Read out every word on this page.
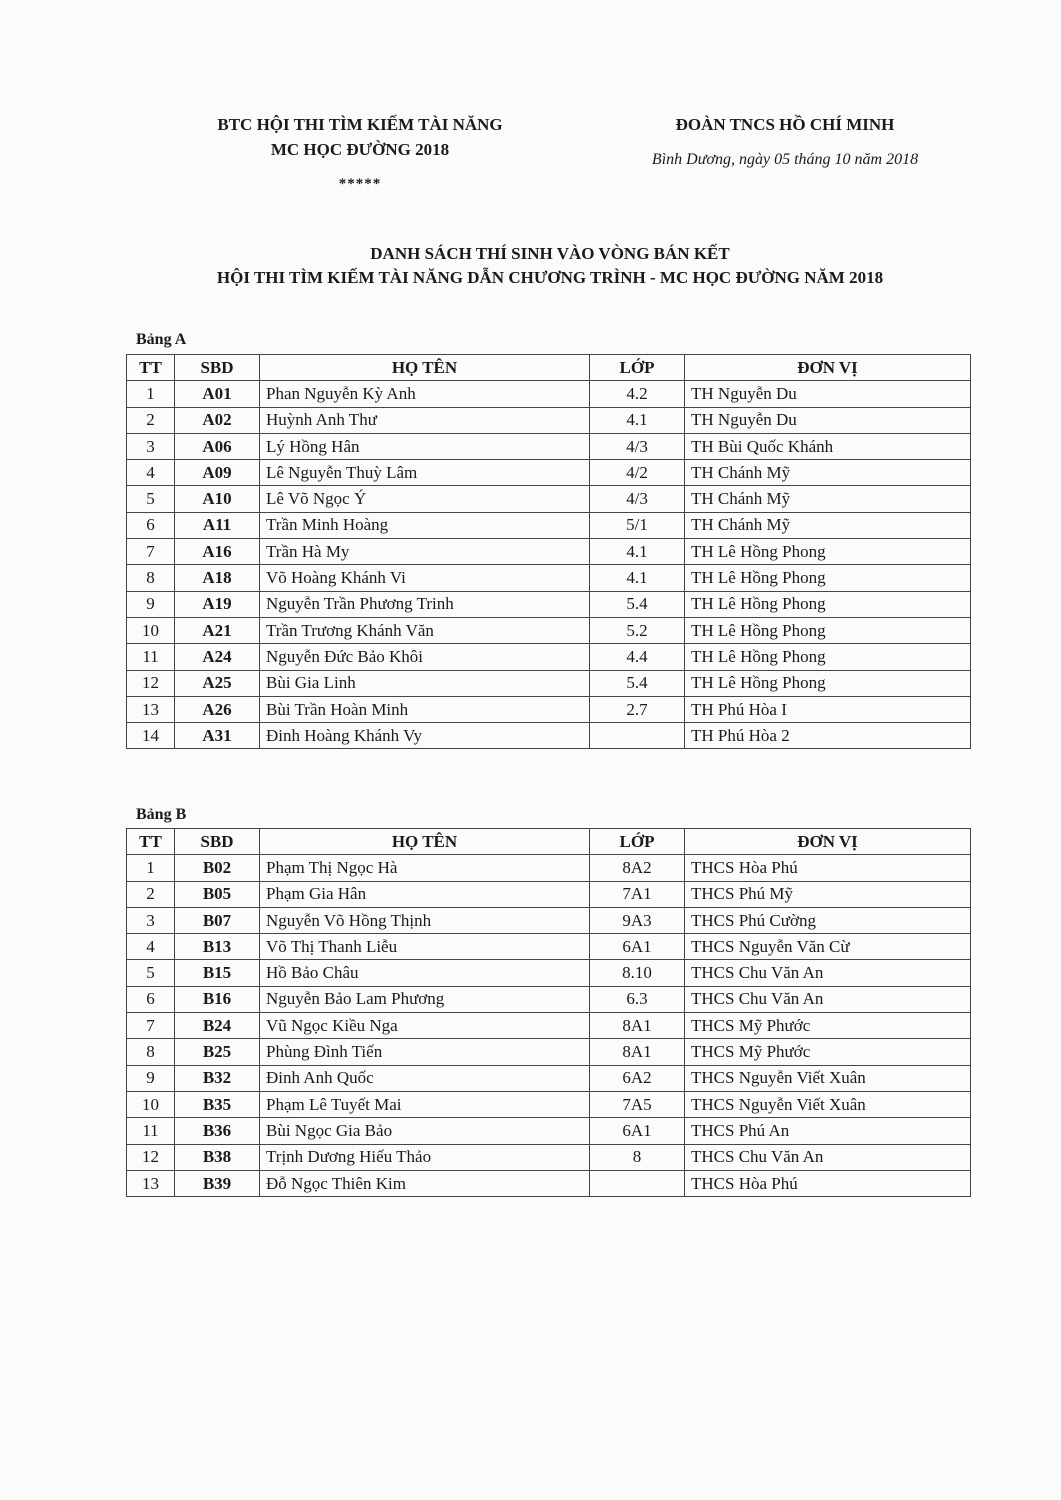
BTC HỘI THI TÌM KIẾM TÀI NĂNG
MC HỌC ĐƯỜNG 2018
*****
ĐOÀN TNCS HỒ CHÍ MINH
Bình Dương, ngày 05 tháng 10 năm 2018
DANH SÁCH THÍ SINH VÀO VÒNG BÁN KẾT
HỘI THI TÌM KIẾM TÀI NĂNG DẪN CHƯƠNG TRÌNH - MC HỌC ĐƯỜNG NĂM 2018
Bảng A
TT	SBD	HỌ TÊN	LỚP	ĐƠN VỊ
1	A01	Phan Nguyễn Kỳ Anh	4.2	TH Nguyễn Du
2	A02	Huỳnh Anh Thư	4.1	TH Nguyễn Du
3	A06	Lý Hồng Hân	4/3	TH Bùi Quốc Khánh
4	A09	Lê Nguyễn Thuỳ Lâm	4/2	TH Chánh Mỹ
5	A10	Lê Võ Ngọc Ý	4/3	TH Chánh Mỹ
6	A11	Trần Minh Hoàng	5/1	TH Chánh Mỹ
7	A16	Trần Hà My	4.1	TH Lê Hồng Phong
8	A18	Võ Hoàng Khánh Vi	4.1	TH Lê Hồng Phong
9	A19	Nguyễn Trần Phương Trinh	5.4	TH Lê Hồng Phong
10	A21	Trần Trương Khánh Văn	5.2	TH Lê Hồng Phong
11	A24	Nguyễn Đức Bảo Khôi	4.4	TH Lê Hồng Phong
12	A25	Bùi Gia Linh	5.4	TH Lê Hồng Phong
13	A26	Bùi Trần Hoàn Minh	2.7	TH Phú Hòa I
14	A31	Đinh Hoàng Khánh Vy		TH Phú Hòa 2
Bảng B
TT	SBD	HỌ TÊN	LỚP	ĐƠN VỊ
1	B02	Phạm Thị Ngọc Hà	8A2	THCS Hòa Phú
2	B05	Phạm Gia Hân	7A1	THCS Phú Mỹ
3	B07	Nguyễn Võ Hồng Thịnh	9A3	THCS Phú Cường
4	B13	Võ Thị Thanh Liễu	6A1	THCS Nguyễn Văn Cừ
5	B15	Hồ Bảo Châu	8.10	THCS Chu Văn An
6	B16	Nguyễn Bảo Lam Phương	6.3	THCS Chu Văn An
7	B24	Vũ Ngọc Kiều Nga	8A1	THCS Mỹ Phước
8	B25	Phùng Đình Tiến	8A1	THCS Mỹ Phước
9	B32	Đinh Anh Quốc	6A2	THCS Nguyễn Viết Xuân
10	B35	Phạm Lê Tuyết Mai	7A5	THCS Nguyễn Viết Xuân
11	B36	Bùi Ngọc Gia Bảo	6A1	THCS Phú An
12	B38	Trịnh Dương Hiếu Thảo	8	THCS Chu Văn An
13	B39	Đỗ Ngọc Thiên Kim		THCS Hòa Phú
